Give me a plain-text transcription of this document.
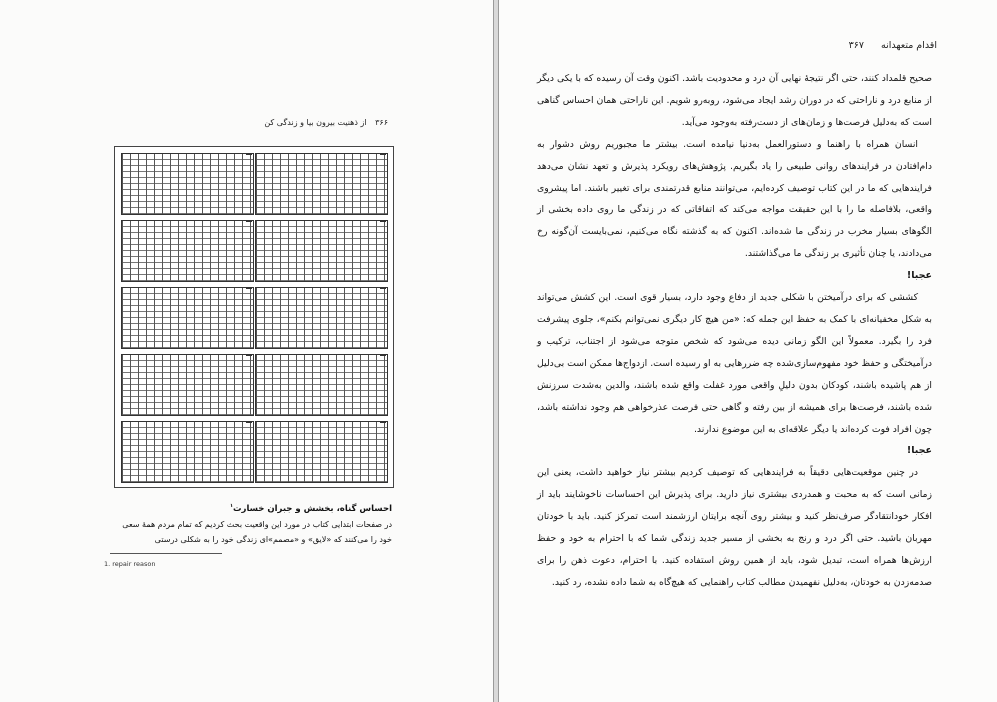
۳۶۶ از ذهنیت بیرون بیا و زندگی کن
احساس گناه، بخشش و جبران خسارت$^۱$
در صفحات ابتدایی کتاب در مورد این واقعیت بحث کردیم که تمام مردم همهٔ سعی خود را می‌کنند که «لایق» و «مصمم»ای زندگی خود را به شکلی درستی
1. repair reason
اقدام متعهدانه ۳۶۷

صحیح قلمداد کنند، حتی اگر نتیجهٔ نهایی آن درد و محدودیت باشد. اکنون وقت آن رسیده که با یکی دیگر از منابع درد و ناراحتی که در دوران رشد ایجاد می‌شود، روبه‌رو شویم. این ناراحتی همان احساس گناهی است که به‌دلیل فرصت‌ها و زمان‌های از دست‌رفته به‌وجود می‌آید.

انسان همراه با راهنما و دستورالعمل به‌دنیا نیامده است. بیشتر ما مجبوریم روش دشوار به دام‌افتادن در فرایندهای روانی طبیعی را یاد بگیریم. پژوهش‌های رویکرد پذیرش و تعهد نشان می‌دهد فرایندهایی که ما در این کتاب توصیف کرده‌ایم، می‌توانند منابع قدرتمندی برای تغییر باشند. اما پیشروی واقعی، بلافاصله ما را با این حقیقت مواجه می‌کند که اتفاقاتی که در زندگی ما روی داده بخشی از الگوهای بسیار مخرب در زندگی ما شده‌اند. اکنون که به گذشته نگاه می‌کنیم، نمی‌بایست آن‌گونه رخ می‌دادند، یا چنان تأثیری بر زندگی ما می‌گذاشتند.

عجبا!

کششی که برای درآمیختن با شکلی جدید از دفاع وجود دارد، بسیار قوی است. این کشش می‌تواند به شکل مخفیانه‌ای با کمک به حفظ این جمله که: «من هیچ کار دیگری نمی‌توانم بکنم»، جلوی پیشرفت فرد را بگیرد. معمولاً این الگو زمانی دیده می‌شود که شخص متوجه می‌شود از اجتناب، ترکیب و درآمیختگی و حفظ خود مفهوم‌سازی‌شده چه ضررهایی به او رسیده است. ازدواج‌ها ممکن است بی‌دلیل از هم پاشیده باشند، کودکان بدون دلیلِ واقعی مورد غفلت واقع شده باشند، والدین به‌شدت سرزنش شده باشند، فرصت‌ها برای همیشه از بین رفته و گاهی حتی فرصت عذرخواهی هم وجود نداشته باشد، چون افراد فوت کرده‌اند یا دیگر علاقه‌ای به این موضوع ندارند.

عجبا!

در چنین موقعیت‌هایی دقیقاً به فرایندهایی که توصیف کردیم بیشتر نیاز خواهید داشت، یعنی این زمانی است که به محبت و همدردی بیشتری نیاز دارید. برای پذیرش این احساسات ناخوشایند باید از افکار خودانتقادگر صرف‌نظر کنید و بیشتر روی آنچه برایتان ارزشمند است تمرکز کنید. باید با خودتان مهربان باشید. حتی اگر درد و رنج به بخشی از مسیر جدید زندگی شما که با احترام به خود و حفظ ارزش‌ها همراه است، تبدیل شود، باید از همین روش استفاده کنید. با احترام، دعوت ذهن را برای صدمه‌زدن به خودتان، به‌دلیل نفهمیدن مطالب کتاب راهنمایی که هیچ‌گاه به شما داده نشده، رد کنید.
